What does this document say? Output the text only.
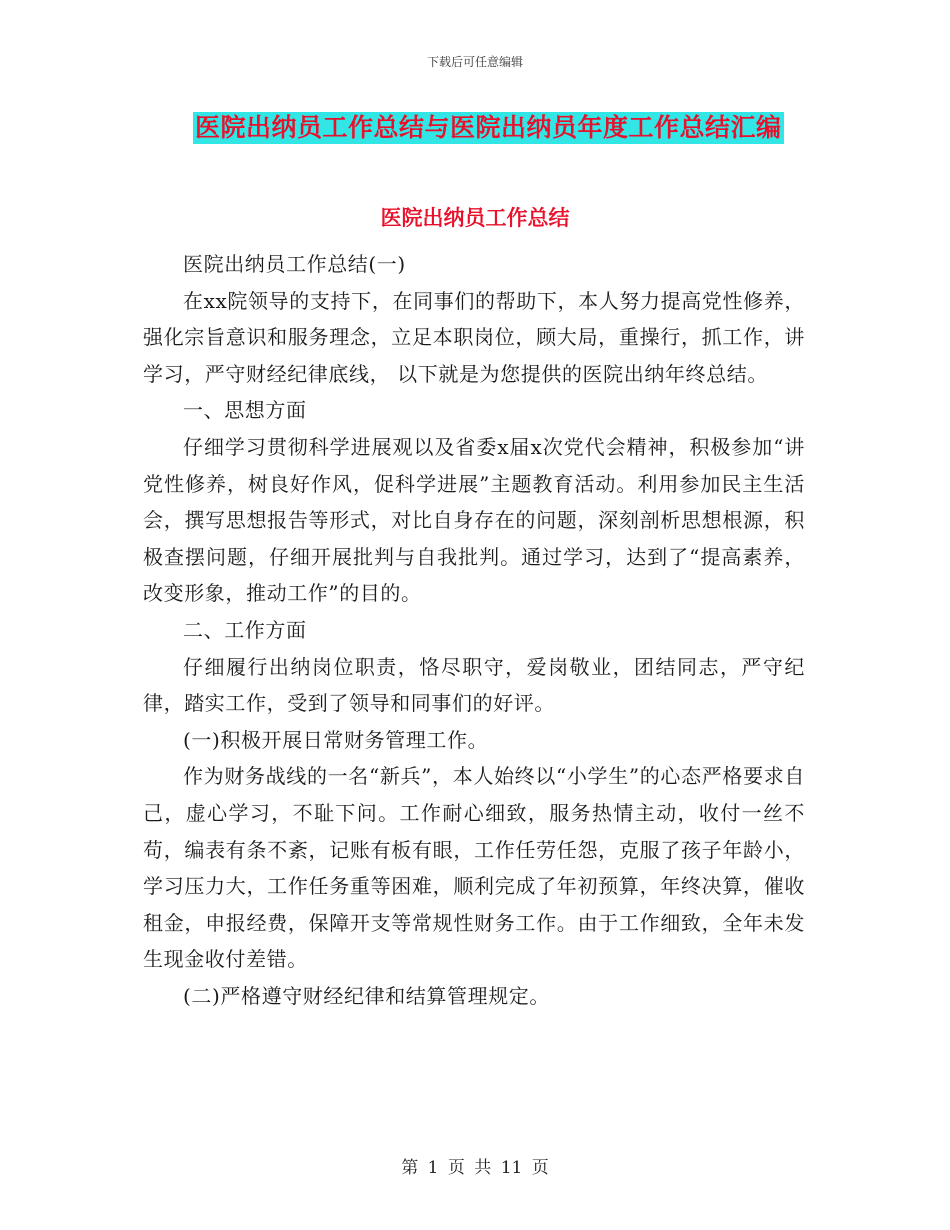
下载后可任意编辑
医院出纳员工作总结与医院出纳员年度工作总结汇编
医院出纳员工作总结

医院出纳员工作总结(一)

在xx院领导的支持下，在同事们的帮助下，本人努力提高党性修养，强化宗旨意识和服务理念，立足本职岗位，顾大局，重操行，抓工作，讲学习，严守财经纪律底线， 以下就是为您提供的医院出纳年终总结。

一、思想方面

仔细学习贯彻科学进展观以及省委x届x次党代会精神，积极参加“讲党性修养，树良好作风，促科学进展”主题教育活动。利用参加民主生活会，撰写思想报告等形式，对比自身存在的问题，深刻剖析思想根源，积极查摆问题，仔细开展批判与自我批判。通过学习，达到了“提高素养，改变形象，推动工作”的目的。

二、工作方面

仔细履行出纳岗位职责，恪尽职守，爱岗敬业，团结同志，严守纪律，踏实工作，受到了领导和同事们的好评。

(一)积极开展日常财务管理工作。

作为财务战线的一名“新兵”，本人始终以“小学生”的心态严格要求自己，虚心学习，不耻下问。工作耐心细致，服务热情主动，收付一丝不苟，编表有条不紊，记账有板有眼，工作任劳任怨，克服了孩子年龄小，学习压力大，工作任务重等困难，顺利完成了年初预算，年终决算，催收租金，申报经费，保障开支等常规性财务工作。由于工作细致，全年未发生现金收付差错。

(二)严格遵守财经纪律和结算管理规定。

第 1 页 共 11 页
